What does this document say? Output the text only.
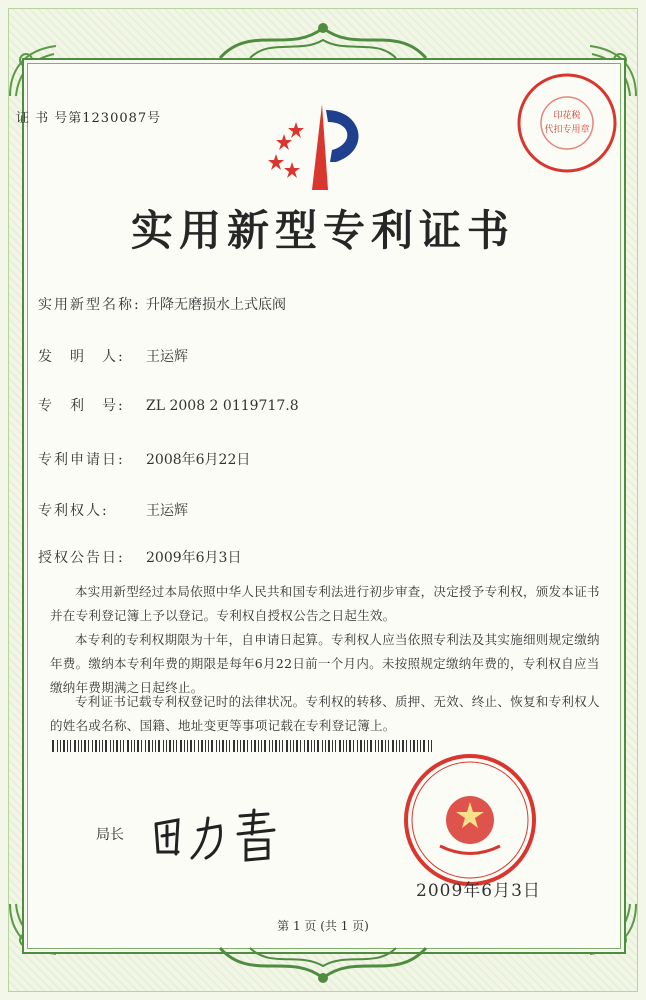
证 书 号第1230087号	印花税
代扣专用章
实用新型专利证书
实用新型名称: 升降无磨损水上式底阀
发　明　人: 王运辉
专　利　号: ZL 2008 2 0119717.8
专利申请日: 2008年6月22日
专利权人:	王运辉
授权公告日: 2009年6月3日
本实用新型经过本局依照中华人民共和国专利法进行初步审查，决定授予专利权，颁发本证书并在专利登记簿上予以登记。专利权自授权公告之日起生效。
本专利的专利权期限为十年，自申请日起算。专利权人应当依照专利法及其实施细则规定缴纳年费。缴纳本专利年费的期限是每年6月22日前一个月内。未按照规定缴纳年费的，专利权自应当缴纳年费期满之日起终止。
专利证书记载专利权登记时的法律状况。专利权的转移、质押、无效、终止、恢复和专利权人的姓名或名称、国籍、地址变更等事项记载在专利登记簿上。
局长
2009年6月3日
第 1 页 (共 1 页)
